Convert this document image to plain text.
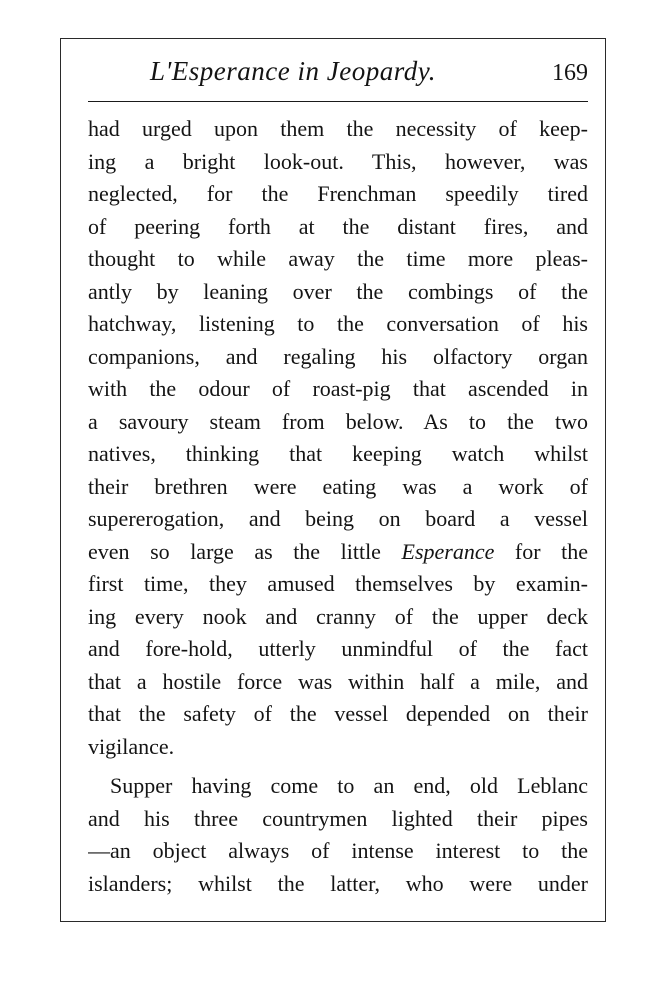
L'Esperance in Jeopardy.	169
had urged upon them the necessity of keep-
ing a bright look-out. This, however, was
neglected, for the Frenchman speedily tired
of peering forth at the distant fires, and
thought to while away the time more pleas-
antly by leaning over the combings of the
hatchway, listening to the conversation of his
companions, and regaling his olfactory organ
with the odour of roast-pig that ascended in
a savoury steam from below. As to the two
natives, thinking that keeping watch whilst
their brethren were eating was a work of
supererogation, and being on board a vessel
even so large as the little Esperance for the
first time, they amused themselves by examin-
ing every nook and cranny of the upper deck
and fore-hold, utterly unmindful of the fact
that a hostile force was within half a mile, and
that the safety of the vessel depended on their
vigilance.
Supper having come to an end, old Leblanc
and his three countrymen lighted their pipes
—an object always of intense interest to the
islanders; whilst the latter, who were under
